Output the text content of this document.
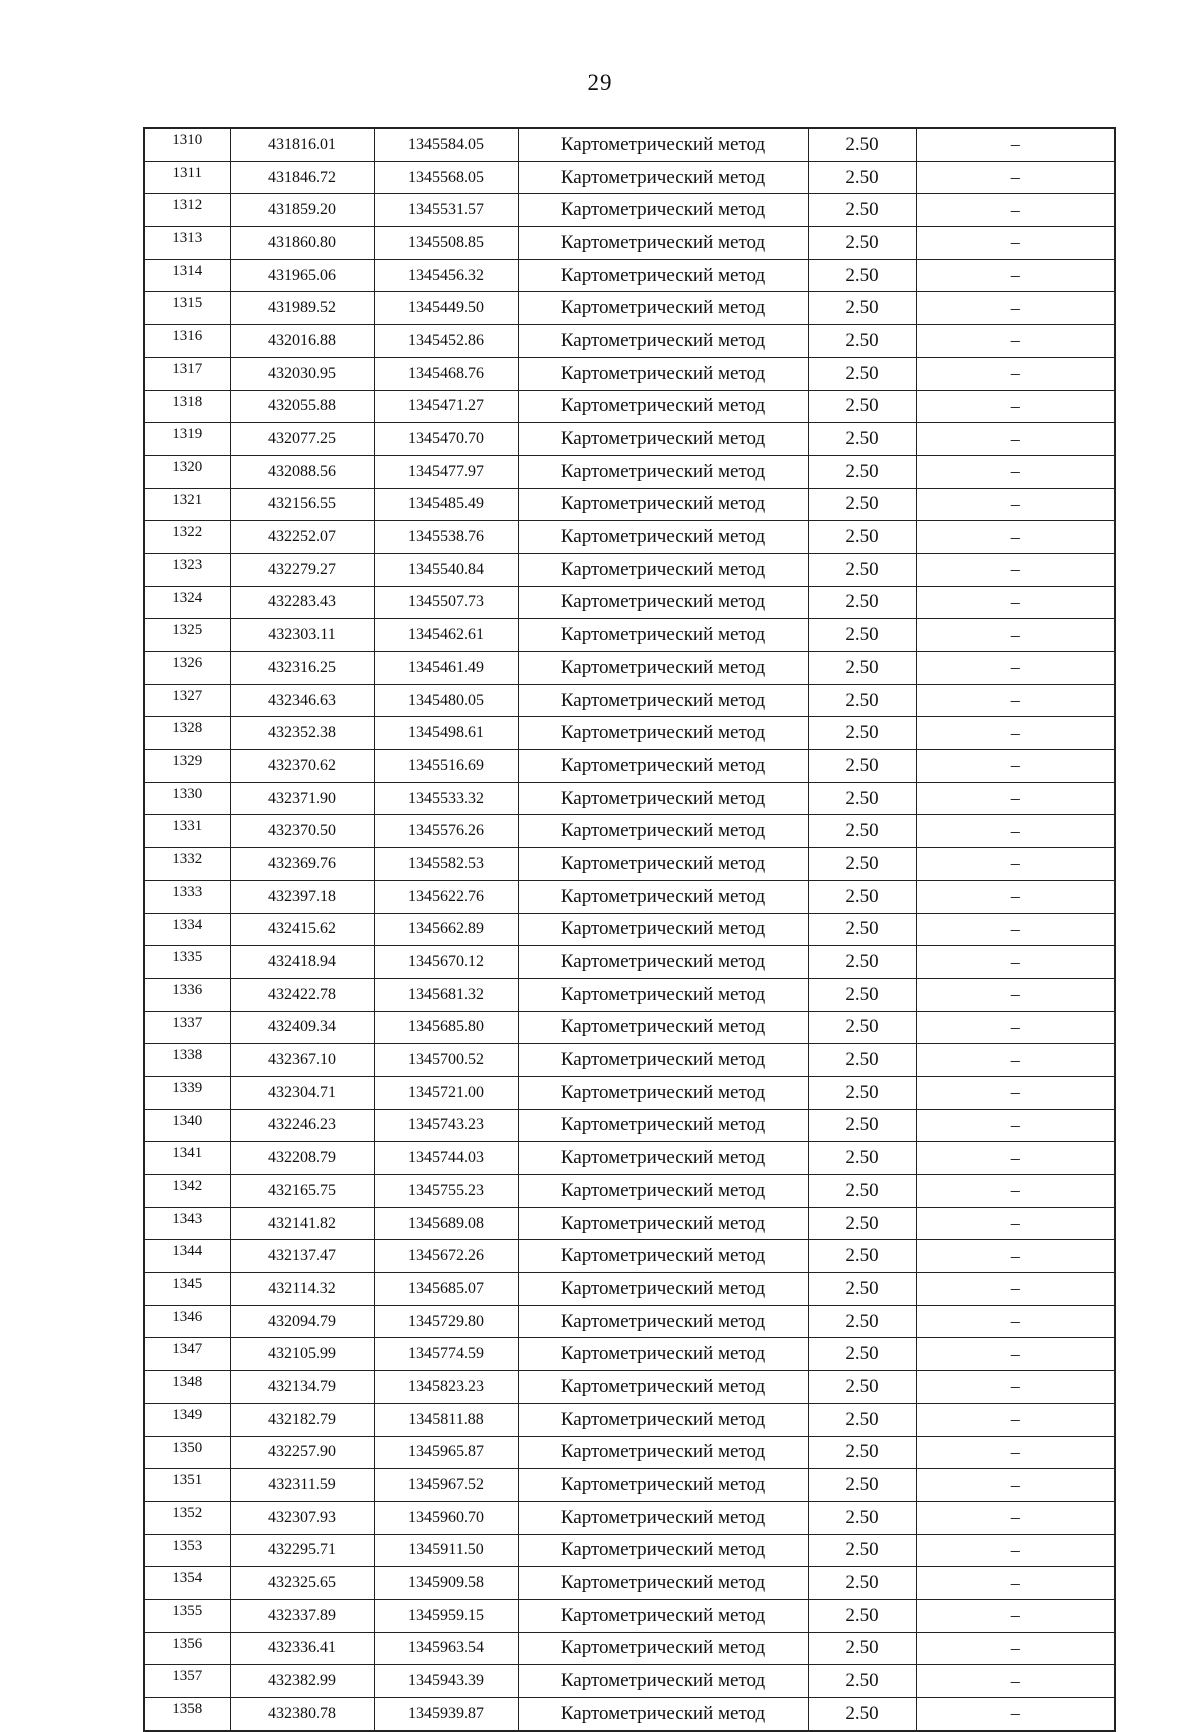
29
1310	431816.01	1345584.05	Картометрический метод	2.50	–
1311	431846.72	1345568.05	Картометрический метод	2.50	–
1312	431859.20	1345531.57	Картометрический метод	2.50	–
1313	431860.80	1345508.85	Картометрический метод	2.50	–
1314	431965.06	1345456.32	Картометрический метод	2.50	–
1315	431989.52	1345449.50	Картометрический метод	2.50	–
1316	432016.88	1345452.86	Картометрический метод	2.50	–
1317	432030.95	1345468.76	Картометрический метод	2.50	–
1318	432055.88	1345471.27	Картометрический метод	2.50	–
1319	432077.25	1345470.70	Картометрический метод	2.50	–
1320	432088.56	1345477.97	Картометрический метод	2.50	–
1321	432156.55	1345485.49	Картометрический метод	2.50	–
1322	432252.07	1345538.76	Картометрический метод	2.50	–
1323	432279.27	1345540.84	Картометрический метод	2.50	–
1324	432283.43	1345507.73	Картометрический метод	2.50	–
1325	432303.11	1345462.61	Картометрический метод	2.50	–
1326	432316.25	1345461.49	Картометрический метод	2.50	–
1327	432346.63	1345480.05	Картометрический метод	2.50	–
1328	432352.38	1345498.61	Картометрический метод	2.50	–
1329	432370.62	1345516.69	Картометрический метод	2.50	–
1330	432371.90	1345533.32	Картометрический метод	2.50	–
1331	432370.50	1345576.26	Картометрический метод	2.50	–
1332	432369.76	1345582.53	Картометрический метод	2.50	–
1333	432397.18	1345622.76	Картометрический метод	2.50	–
1334	432415.62	1345662.89	Картометрический метод	2.50	–
1335	432418.94	1345670.12	Картометрический метод	2.50	–
1336	432422.78	1345681.32	Картометрический метод	2.50	–
1337	432409.34	1345685.80	Картометрический метод	2.50	–
1338	432367.10	1345700.52	Картометрический метод	2.50	–
1339	432304.71	1345721.00	Картометрический метод	2.50	–
1340	432246.23	1345743.23	Картометрический метод	2.50	–
1341	432208.79	1345744.03	Картометрический метод	2.50	–
1342	432165.75	1345755.23	Картометрический метод	2.50	–
1343	432141.82	1345689.08	Картометрический метод	2.50	–
1344	432137.47	1345672.26	Картометрический метод	2.50	–
1345	432114.32	1345685.07	Картометрический метод	2.50	–
1346	432094.79	1345729.80	Картометрический метод	2.50	–
1347	432105.99	1345774.59	Картометрический метод	2.50	–
1348	432134.79	1345823.23	Картометрический метод	2.50	–
1349	432182.79	1345811.88	Картометрический метод	2.50	–
1350	432257.90	1345965.87	Картометрический метод	2.50	–
1351	432311.59	1345967.52	Картометрический метод	2.50	–
1352	432307.93	1345960.70	Картометрический метод	2.50	–
1353	432295.71	1345911.50	Картометрический метод	2.50	–
1354	432325.65	1345909.58	Картометрический метод	2.50	–
1355	432337.89	1345959.15	Картометрический метод	2.50	–
1356	432336.41	1345963.54	Картометрический метод	2.50	–
1357	432382.99	1345943.39	Картометрический метод	2.50	–
1358	432380.78	1345939.87	Картометрический метод	2.50	–
